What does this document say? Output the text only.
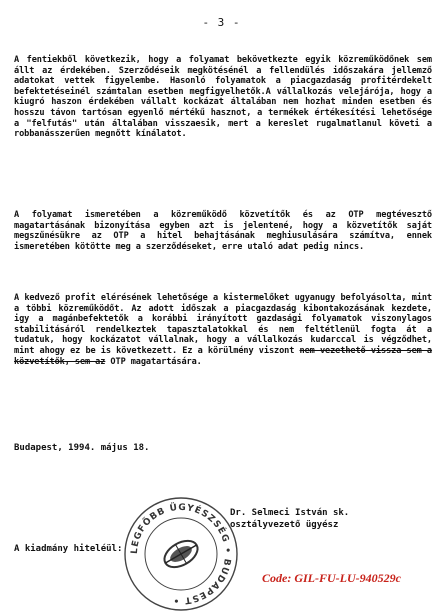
- 3 -

A fentiekből következik, hogy a folyamat bekövetkezte egyik közreműködőnek sem állt az érdekében. Szerződéseik megkötésénél a fellendülés időszakára jellemző adatokat vettek figyelembe. Hasonló folyamatok a piacgazdaság profitérdekelt befektetéseinél számtalan esetben megfigyelhetők.A vállalkozás velejárója, hogy a kiugró haszon érdekében vállalt kockázat általában nem hozhat minden esetben és hosszu távon tartósan egyenlő mértékű hasznot, a termékek értékesítési lehetősége a "felfutás" után általában visszaesik, mert a kereslet rugalmatlanul követi a robbanásszerűen megnőtt kínálatot.

A folyamat ismeretében a közreműködő közvetítők és az OTP megtévesztő magatartásának bizonyítása egyben azt is jelentené, hogy a közvetítők saját megszűnésükre az OTP a hitel behajtásának meghiusulására számítva, ennek ismeretében kötötte meg a szerződéseket, erre utaló adat pedig nincs.

A kedvező profit elérésének lehetősége a kistermelőket ugyanugy befolyásolta, mint a többi közreműködőt. Az adott időszak a piacgazdaság kibontakozásának kezdete, igy a magánbefektetők a korábbi irányított gazdasági folyamatok viszonylagos stabilitásáról rendelkeztek tapasztalatokkal és nem feltétlenül fogta át a tudatuk, hogy kockázatot vállalnak, hogy a vállalkozás kudarccal is végződhet, mint ahogy ez be is következett. Ez a körülmény viszont nem vezethető vissza sem a közvetítők, sem az OTP magatartására.

Budapest, 1994. május 18.
Dr. Selmeci István sk.
osztályvezető ügyész
A kiadmány hiteléül: LEGFŐBB ÜGYÉSZSÉG • BUDAPEST •
Code: GIL-FU-LU-940529c
